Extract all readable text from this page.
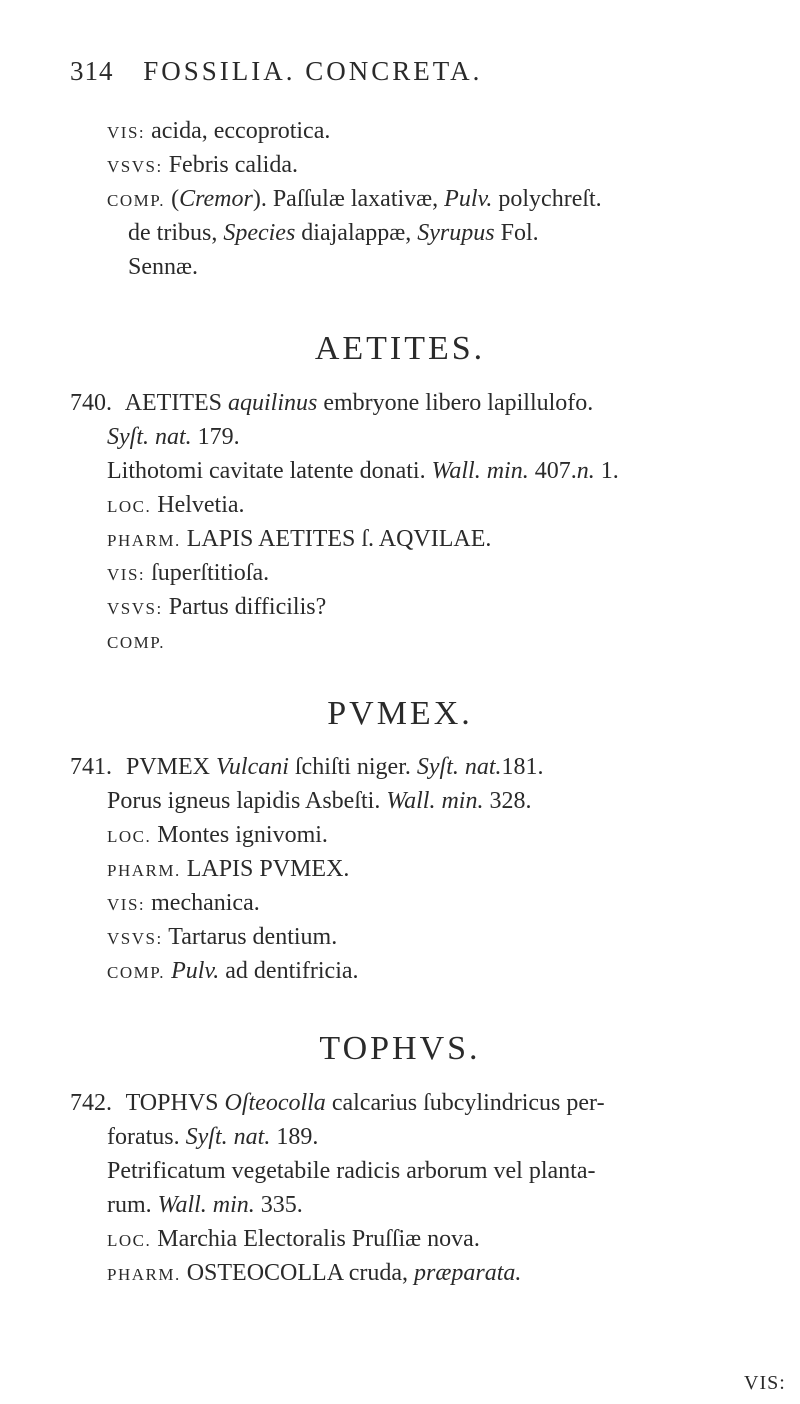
314 FOSSILIA. CONCRETA.
VIS: acida, eccoprotica.
VSVS: Febris calida.
COMP. (Cremor). Paſſulæ laxativæ, Pulv. polychreſt.
de tribus, Species diajalappæ, Syrupus Fol.
Sennæ.
AETITES.
740. AETITES aquilinus embryone libero lapillulofo.
Syſt. nat. 179.
Lithotomi cavitate latente donati. Wall. min. 407.n. 1.
LOC. Helvetia.
PHARM. LAPIS AETITES ſ. AQVILAE.
VIS: ſuperſtitioſa.
VSVS: Partus difficilis?
COMP.
PVMEX.
741. PVMEX Vulcani ſchiſti niger. Syſt. nat.181.
Porus igneus lapidis Asbeſti. Wall. min. 328.
LOC. Montes ignivomi.
PHARM. LAPIS PVMEX.
VIS: mechanica.
VSVS: Tartarus dentium.
COMP. Pulv. ad dentifricia.
TOPHVS.
742. TOPHVS Oſteocolla calcarius ſubcylindricus per-
foratus. Syſt. nat. 189.
Petrificatum vegetabile radicis arborum vel planta-
rum. Wall. min. 335.
LOC. Marchia Electoralis Pruſſiæ nova.
PHARM. OSTEOCOLLA cruda, præparata.
VIS:
